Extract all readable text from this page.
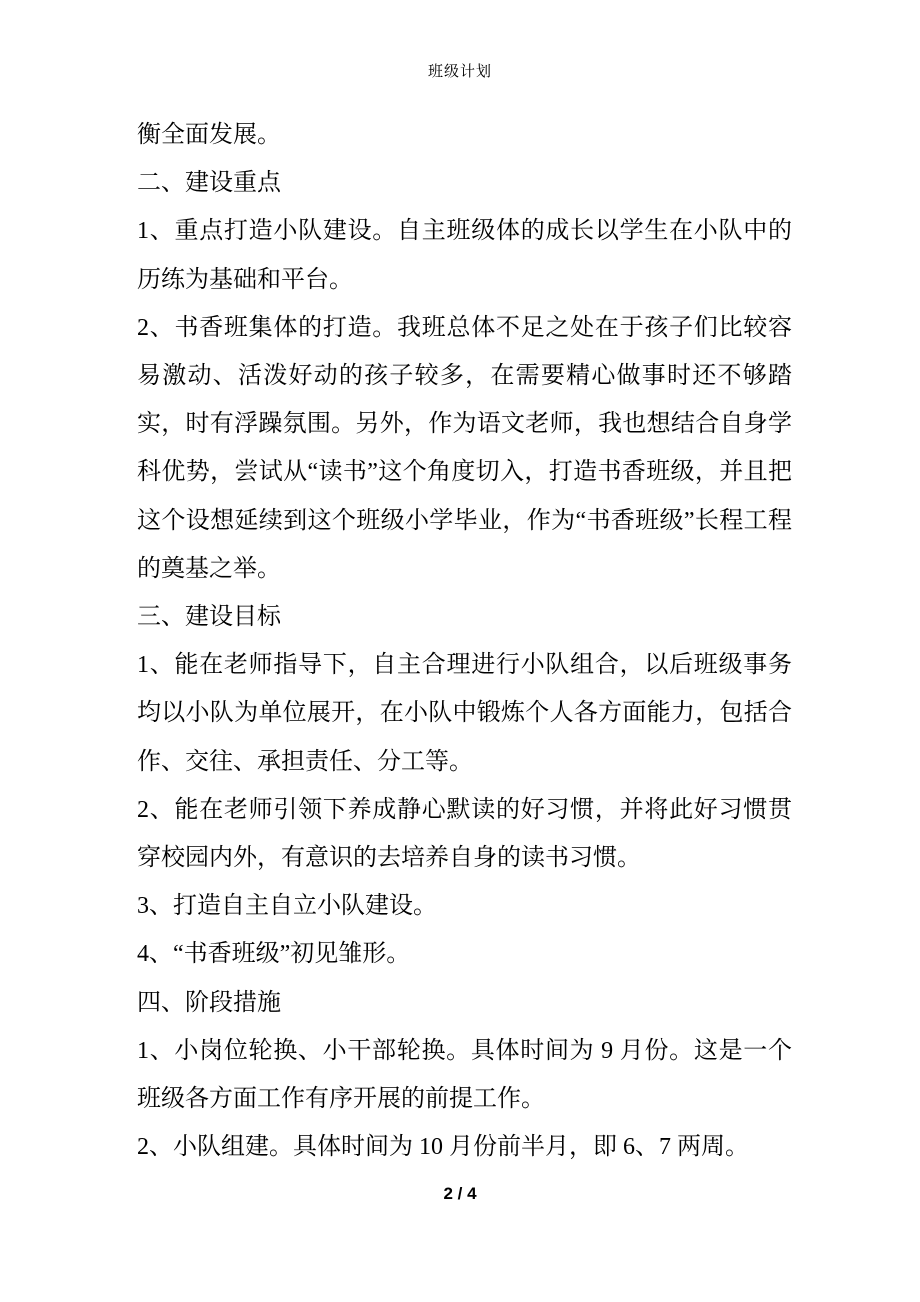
班级计划

衡全面发展。

二、建设重点

1、重点打造小队建设。自主班级体的成长以学生在小队中的历练为基础和平台。

2、书香班集体的打造。我班总体不足之处在于孩子们比较容易激动、活泼好动的孩子较多，在需要精心做事时还不够踏实，时有浮躁氛围。另外，作为语文老师，我也想结合自身学科优势，尝试从“读书”这个角度切入，打造书香班级，并且把这个设想延续到这个班级小学毕业，作为“书香班级”长程工程的奠基之举。

三、建设目标

1、能在老师指导下，自主合理进行小队组合，以后班级事务均以小队为单位展开，在小队中锻炼个人各方面能力，包括合作、交往、承担责任、分工等。

2、能在老师引领下养成静心默读的好习惯，并将此好习惯贯穿校园内外，有意识的去培养自身的读书习惯。

3、打造自主自立小队建设。

4、“书香班级”初见雏形。

四、阶段措施

1、小岗位轮换、小干部轮换。具体时间为 9 月份。这是一个班级各方面工作有序开展的前提工作。

2、小队组建。具体时间为 10 月份前半月，即 6、7 两周。

2 / 4
